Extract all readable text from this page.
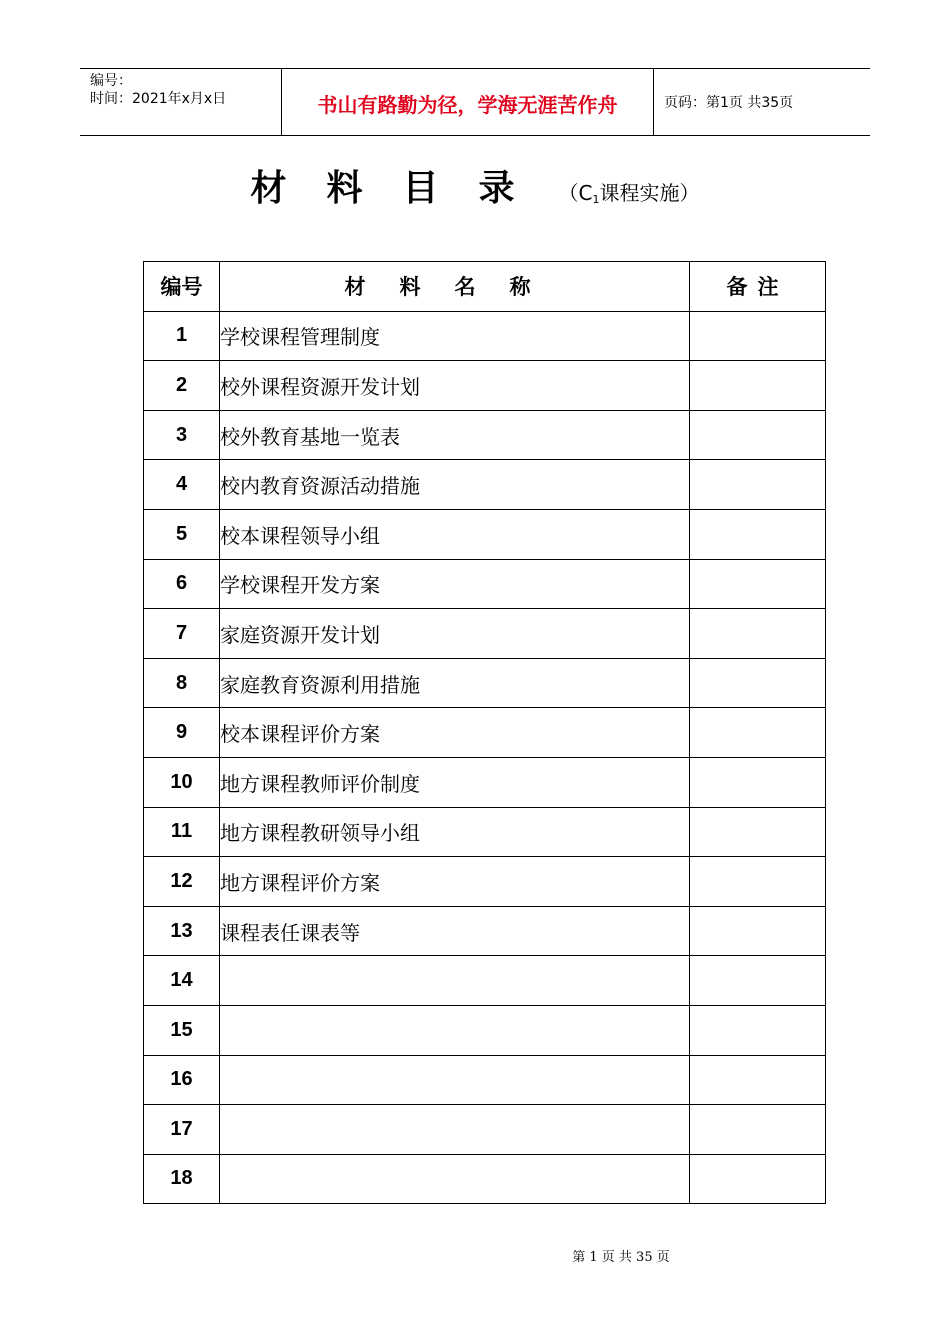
编号：
时间：2021年x月x日	书山有路勤为径，学海无涯苦作舟	页码：第1页 共35页
材料目录 （$C_1$课程实施）
编号	材料名称	备注
1	学校课程管理制度	
2	校外课程资源开发计划	
3	校外教育基地一览表	
4	校内教育资源活动措施	
5	校本课程领导小组	
6	学校课程开发方案	
7	家庭资源开发计划	
8	家庭教育资源利用措施	
9	校本课程评价方案	
10	地方课程教师评价制度	
11	地方课程教研领导小组	
12	地方课程评价方案	
13	课程表任课表等	
14		
15		
16		
17		
18		
第 1 页 共 35 页
